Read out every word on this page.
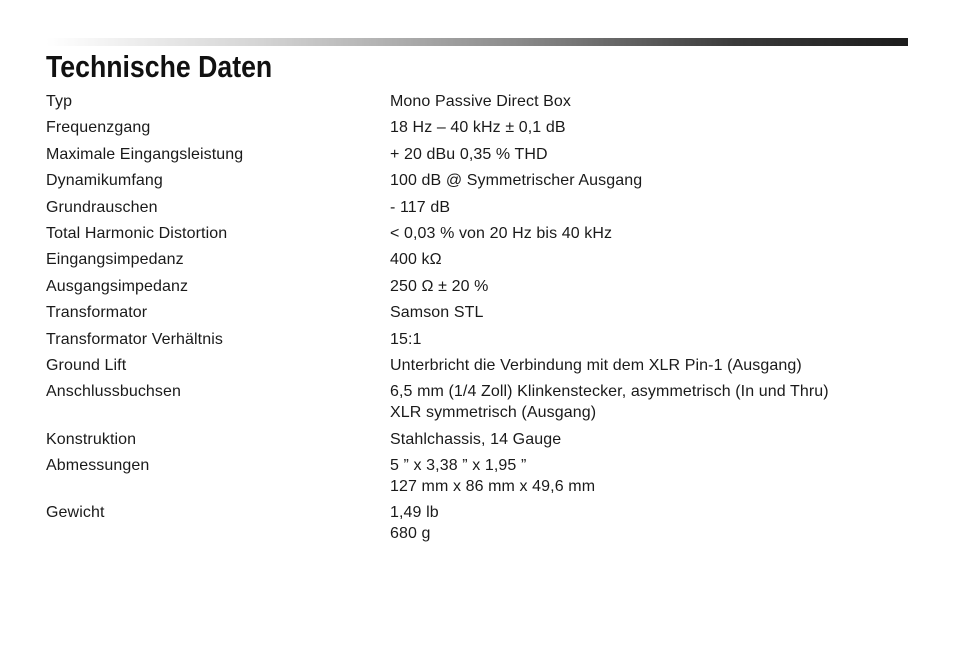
Technische Daten
Typ	Mono Passive Direct Box
Frequenzgang	18 Hz – 40 kHz ± 0,1 dB
Maximale Eingangsleistung	+ 20 dBu 0,35 % THD
Dynamikumfang	100 dB @ Symmetrischer Ausgang
Grundrauschen	- 117 dB
Total Harmonic Distortion	< 0,03 % von 20 Hz bis 40 kHz
Eingangsimpedanz	400 kΩ
Ausgangsimpedanz	250 Ω ± 20 %
Transformator	Samson STL
Transformator Verhältnis	15:1
Ground Lift	Unterbricht die Verbindung mit dem XLR Pin-1 (Ausgang)
Anschlussbuchsen	6,5 mm (1/4 Zoll) Klinkenstecker, asymmetrisch (In und Thru)
XLR symmetrisch (Ausgang)
Konstruktion	Stahlchassis, 14 Gauge
Abmessungen	5 ” x 3,38 ” x 1,95 ”
127 mm x 86 mm x 49,6 mm
Gewicht	1,49 lb
680 g
